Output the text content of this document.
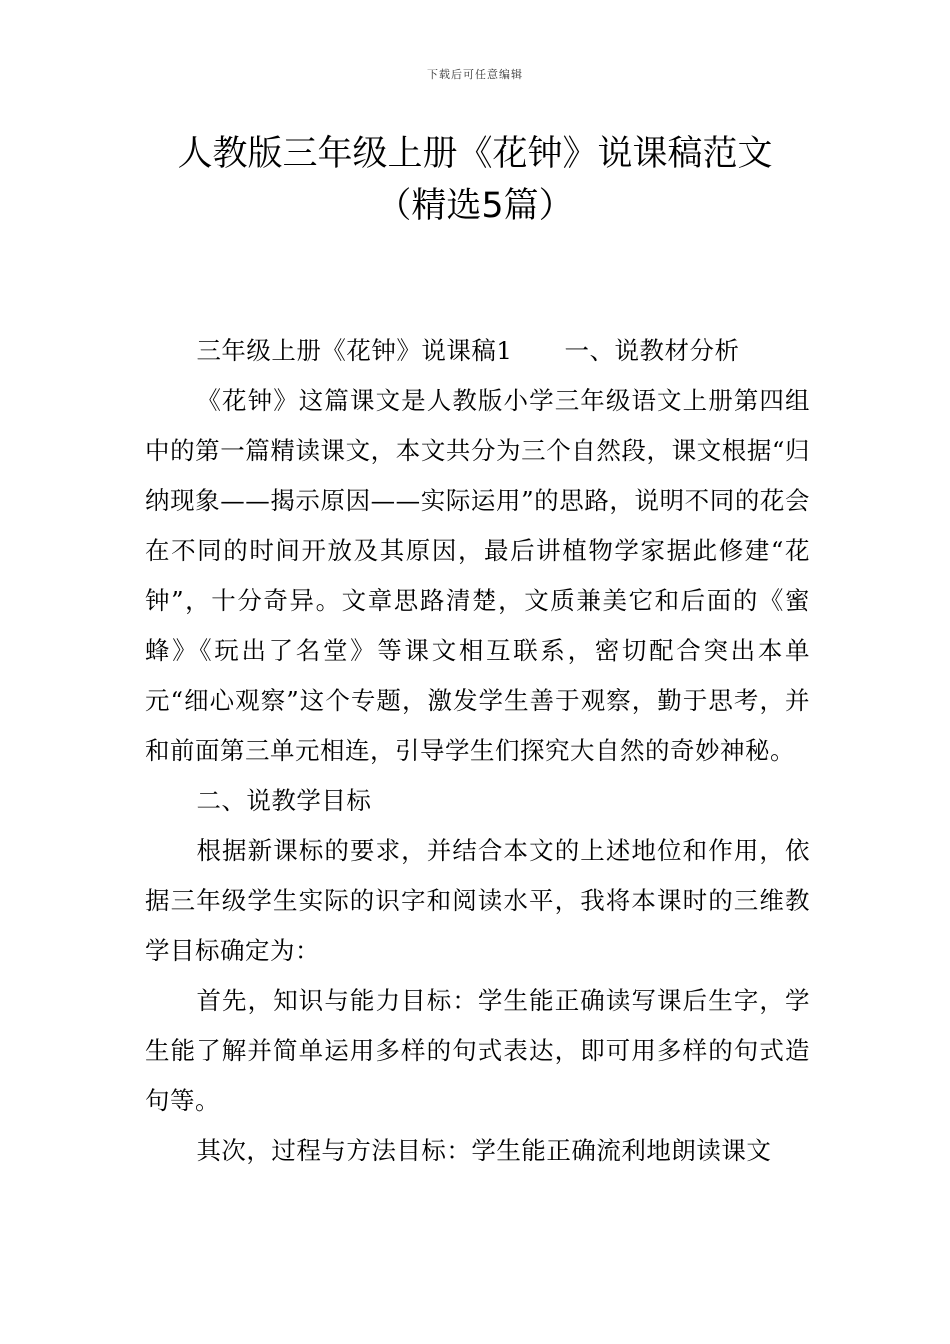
下载后可任意编辑
人教版三年级上册《花钟》说课稿范文
（精选5篇）

三年级上册《花钟》说课稿1 一、说教材分析

《花钟》这篇课文是人教版小学三年级语文上册第四组中的第一篇精读课文，本文共分为三个自然段，课文根据“归纳现象——揭示原因——实际运用”的思路，说明不同的花会在不同的时间开放及其原因，最后讲植物学家据此修建“花钟”，十分奇异。文章思路清楚，文质兼美它和后面的《蜜蜂》《玩出了名堂》等课文相互联系，密切配合突出本单元“细心观察”这个专题，激发学生善于观察，勤于思考，并和前面第三单元相连，引导学生们探究大自然的奇妙神秘。

二、说教学目标

根据新课标的要求，并结合本文的上述地位和作用，依据三年级学生实际的识字和阅读水平，我将本课时的三维教学目标确定为：

首先，知识与能力目标：学生能正确读写课后生字，学生能了解并简单运用多样的句式表达，即可用多样的句式造句等。

其次，过程与方法目标：学生能正确流利地朗读课文
